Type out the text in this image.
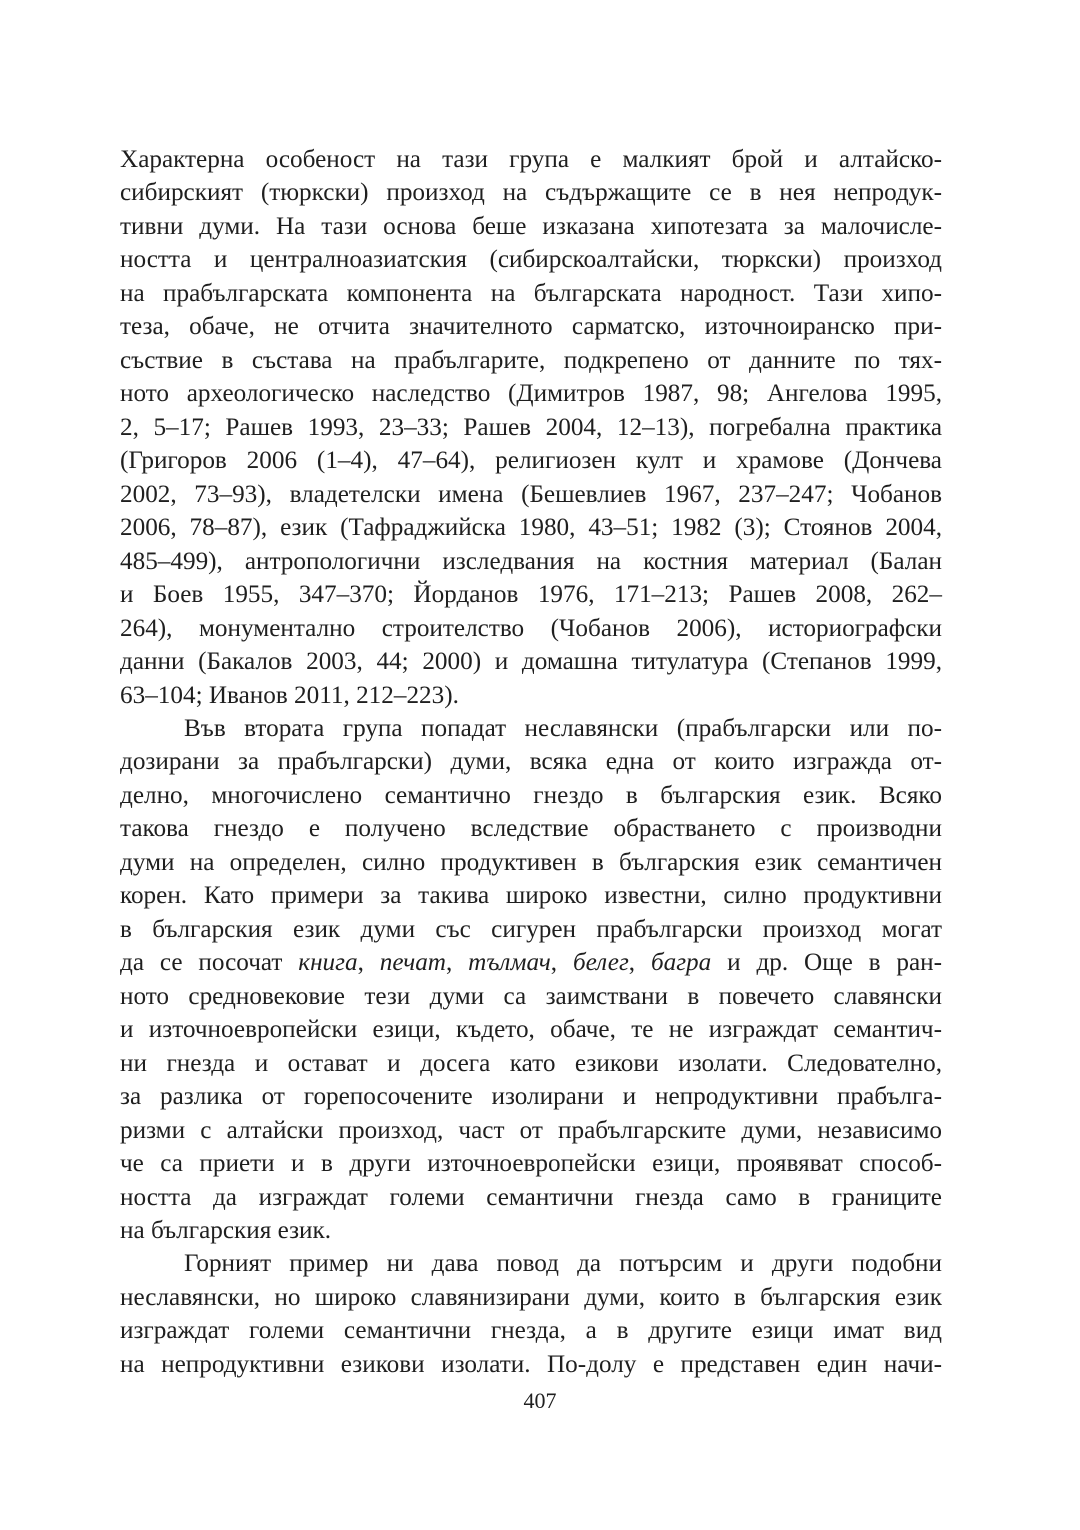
Характерна особеност на тази група е малкият брой и алтайско-
сибирският (тюркски) произход на съдържащите се в нея непродук-
тивни думи. На тази основа беше изказана хипотезата за малочисле-
ността и централноазиатския (сибирскоалтайски, тюркски) произход
на прабългарската компонента на българската народност. Тази хипо-
теза, обаче, не отчита значителното сарматско, източноиранско при-
съствие в състава на прабългарите, подкрепено от данните по тях-
ното археологическо наследство (Димитров 1987, 98; Ангелова 1995,
2, 5–17; Рашев 1993, 23–33; Рашев 2004, 12–13), погребална практика
(Григоров 2006 (1–4), 47–64), религиозен култ и храмове (Дончева
2002, 73–93), владетелски имена (Бешевлиев 1967, 237–247; Чобанов
2006, 78–87), език (Тафраджийска 1980, 43–51; 1982 (3); Стоянов 2004,
485–499), антропологични изследвания на костния материал (Балан
и Боев 1955, 347–370; Йорданов 1976, 171–213; Рашев 2008, 262–
264), монументално строителство (Чобанов 2006), историографски
данни (Бакалов 2003, 44; 2000) и домашна титулатура (Степанов 1999,
63–104; Иванов 2011, 212–223).
Във втората група попадат неславянски (прабългарски или по-
дозирани за прабългарски) думи, всяка една от които изгражда от-
делно, многочислено семантично гнездо в българския език. Всяко
такова гнездо е получено вследствие обрастването с производни
думи на определен, силно продуктивен в българския език семантичен
корен. Като примери за такива широко известни, силно продуктивни
в българския език думи със сигурен прабългарски произход могат
да се посочат книга, печат, тълмач, белег, багра и др. Още в ран-
ното средновековие тези думи са заимствани в повечето славянски
и източноевропейски езици, където, обаче, те не изграждат семантич-
ни гнезда и остават и досега като езикови изолати. Следователно,
за разлика от горепосочените изолирани и непродуктивни прабълга-
ризми с алтайски произход, част от прабългарските думи, независимо
че са приети и в други източноевропейски езици, проявяват способ-
ността да изграждат големи семантични гнезда само в границите
на българския език.
Горният пример ни дава повод да потърсим и други подобни
неславянски, но широко славянизирани думи, които в българския език
изграждат големи семантични гнезда, а в другите езици имат вид
на непродуктивни езикови изолати. По-долу е представен един начи-
407
